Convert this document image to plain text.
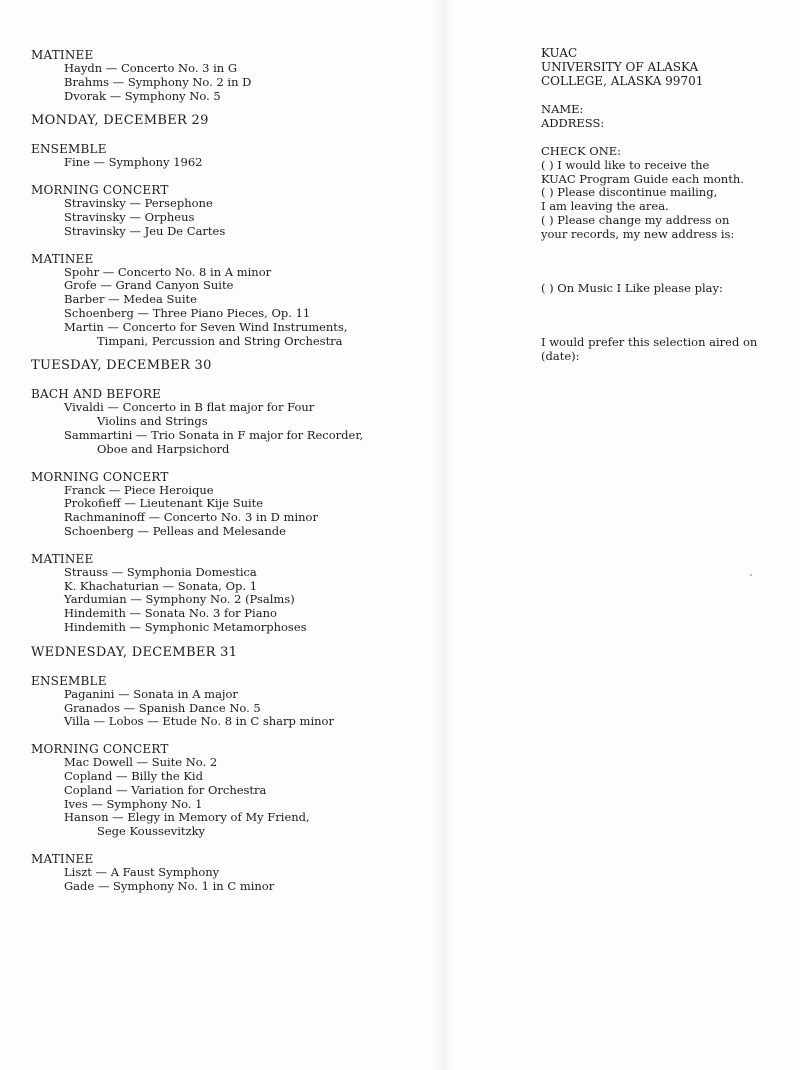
MATINEE
Haydn — Concerto No. 3 in G
Brahms — Symphony No. 2 in D
Dvorak — Symphony No. 5
MONDAY, DECEMBER 29
ENSEMBLE
Fine — Symphony 1962
MORNING CONCERT
Stravinsky — Persephone
Stravinsky — Orpheus
Stravinsky — Jeu De Cartes
MATINEE
Spohr — Concerto No. 8 in A minor
Grofe — Grand Canyon Suite
Barber — Medea Suite
Schoenberg — Three Piano Pieces, Op. 11
Martin — Concerto for Seven Wind Instruments,
Timpani, Percussion and String Orchestra
TUESDAY, DECEMBER 30
BACH AND BEFORE
Vivaldi — Concerto in B flat major for Four
Violins and Strings
Sammartini — Trio Sonata in F major for Recorder,
Oboe and Harpsichord
MORNING CONCERT
Franck — Piece Heroique
Prokofieff — Lieutenant Kije Suite
Rachmaninoff — Concerto No. 3 in D minor
Schoenberg — Pelleas and Melesande
MATINEE
Strauss — Symphonia Domestica
K. Khachaturian — Sonata, Op. 1
Yardumian — Symphony No. 2 (Psalms)
Hindemith — Sonata No. 3 for Piano
Hindemith — Symphonic Metamorphoses
WEDNESDAY, DECEMBER 31
ENSEMBLE
Paganini — Sonata in A major
Granados — Spanish Dance No. 5
Villa — Lobos — Etude No. 8 in C sharp minor
MORNING CONCERT
Mac Dowell — Suite No. 2
Copland — Billy the Kid
Copland — Variation for Orchestra
Ives — Symphony No. 1
Hanson — Elegy in Memory of My Friend,
Sege Koussevitzky
MATINEE
Liszt — A Faust Symphony
Gade — Symphony No. 1 in C minor

KUAC

UNIVERSITY OF ALASKA

COLLEGE, ALASKA 99701

NAME:

ADDRESS:

CHECK ONE:

( ) I would like to receive the

KUAC Program Guide each month.

( ) Please discontinue mailing,

I am leaving the area.

( ) Please change my address on

your records, my new address is:

( ) On Music I Like please play:

I would prefer this selection aired on

(date):
